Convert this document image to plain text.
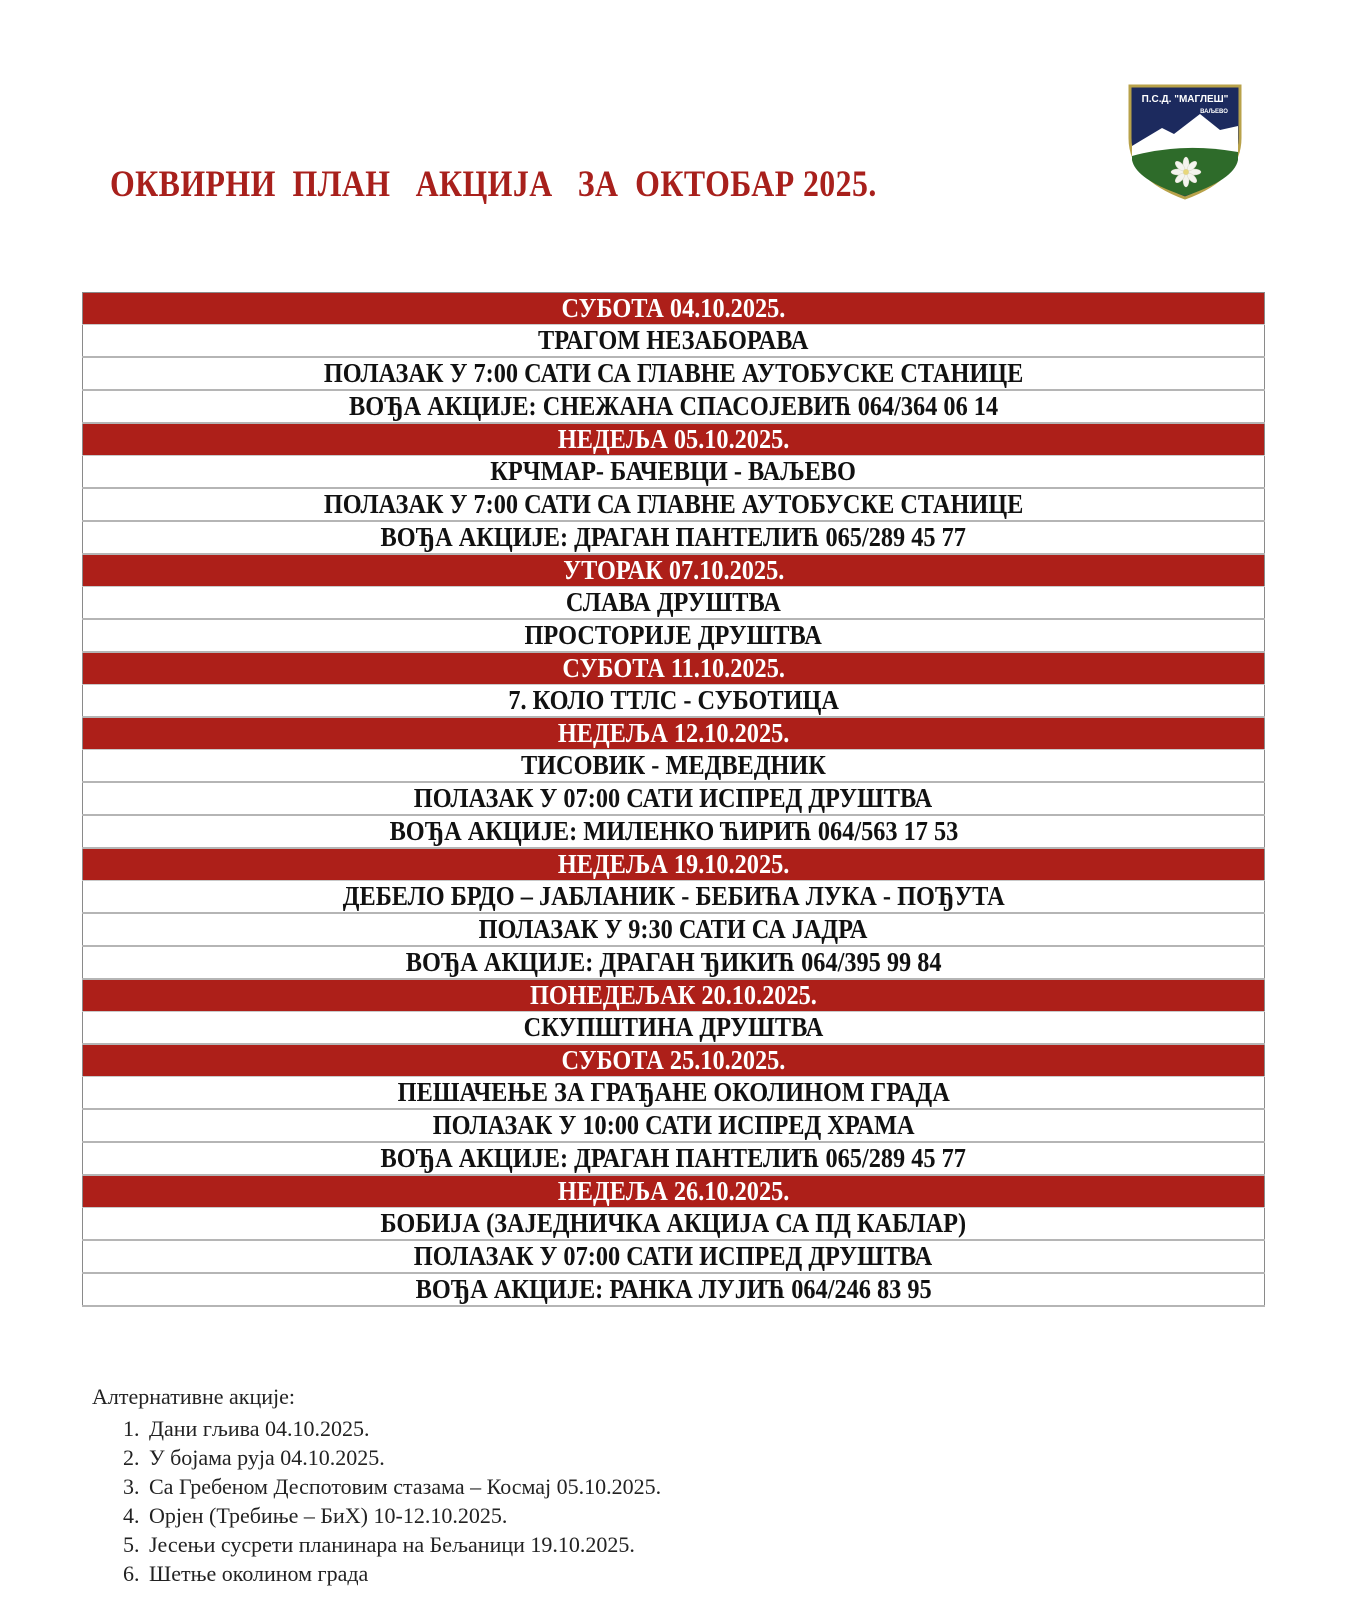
ОКВИРНИ  ПЛАН   АКЦИЈА   ЗА  ОКТОБАР 2025.
П.С.Д. "МАГЛЕШ"
ВАЉЕВО
СУБОТА 04.10.2025.
ТРАГОМ НЕЗАБОРАВА
ПОЛАЗАК У 7:00 САТИ СА ГЛАВНЕ АУТОБУСКЕ СТАНИЦЕ
ВОЂА АКЦИЈЕ: СНЕЖАНА СПАСОЈЕВИЋ 064/364 06 14
НЕДЕЉА 05.10.2025.
КРЧМАР- БАЧЕВЦИ - ВАЉЕВО
ПОЛАЗАК У 7:00 САТИ СА ГЛАВНЕ АУТОБУСКЕ СТАНИЦЕ
ВОЂА АКЦИЈЕ: ДРАГАН ПАНТЕЛИЋ 065/289 45 77
УТОРАК 07.10.2025.
СЛАВА ДРУШТВА
ПРОСТОРИЈЕ ДРУШТВА
СУБОТА 11.10.2025.
7. КОЛО ТТЛС - СУБОТИЦА
НЕДЕЉА 12.10.2025.
ТИСОВИК - МЕДВЕДНИК
ПОЛАЗАК У 07:00 САТИ ИСПРЕД ДРУШТВА
ВОЂА АКЦИЈЕ: МИЛЕНКО ЋИРИЋ 064/563 17 53
НЕДЕЉА 19.10.2025.
ДЕБЕЛО БРДО – ЈАБЛАНИК - БЕБИЋА ЛУКА - ПОЂУТА
ПОЛАЗАК У 9:30 САТИ СА ЈАДРА
ВОЂА АКЦИЈЕ: ДРАГАН ЂИКИЋ 064/395 99 84
ПОНЕДЕЉАК 20.10.2025.
СКУПШТИНА ДРУШТВА
СУБОТА 25.10.2025.
ПЕШАЧЕЊЕ ЗА ГРАЂАНЕ ОКОЛИНОМ ГРАДА
ПОЛАЗАК У 10:00 САТИ ИСПРЕД ХРАМА
ВОЂА АКЦИЈЕ: ДРАГАН ПАНТЕЛИЋ 065/289 45 77
НЕДЕЉА 26.10.2025.
БОБИЈА (ЗАЈЕДНИЧКА АКЦИЈА СА ПД КАБЛАР)
ПОЛАЗАК У 07:00 САТИ ИСПРЕД ДРУШТВА
ВОЂА АКЦИЈЕ: РАНКА ЛУЈИЋ 064/246 83 95
Алтернативне акције:
1. Дани гљива 04.10.2025.
2. У бојама руја 04.10.2025.
3. Са Гребеном Деспотовим стазама – Космај 05.10.2025.
4. Орјен (Требиње – БиХ) 10-12.10.2025.
5. Јесењи сусрети планинара на Бељаници 19.10.2025.
6. Шетње околином града
